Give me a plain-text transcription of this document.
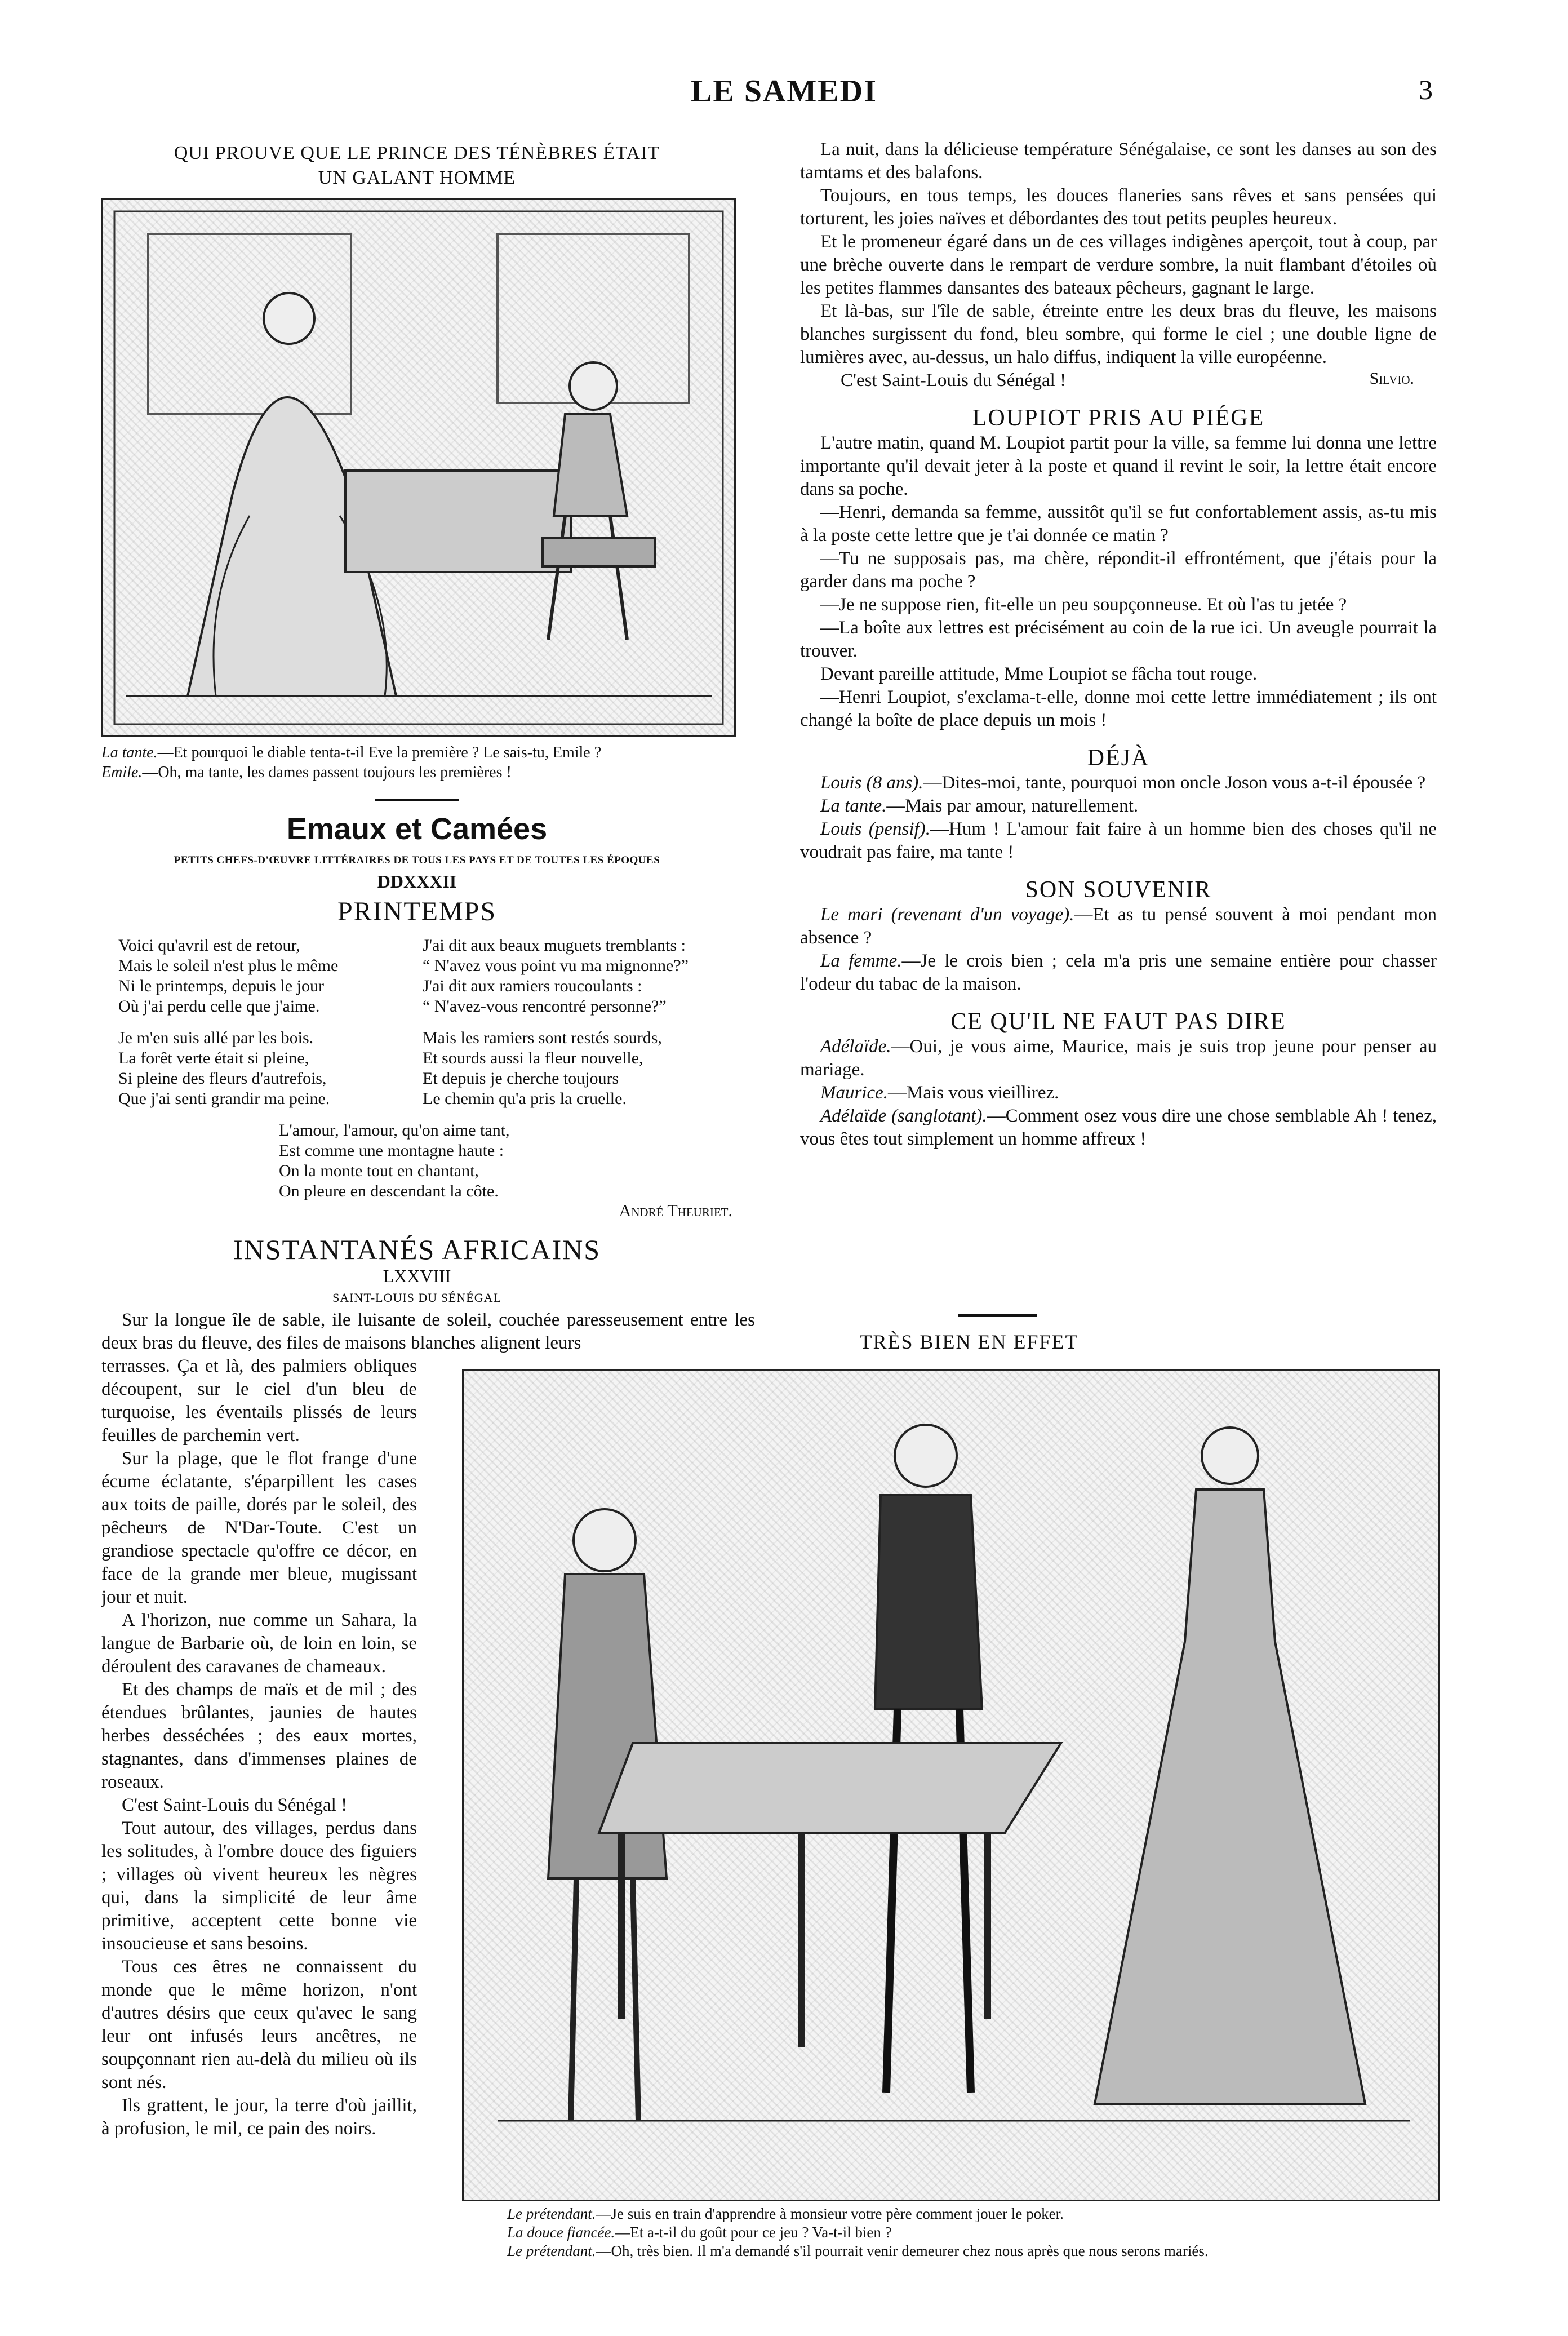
LE SAMEDI	3
QUI PROUVE QUE LE PRINCE DES TÉNÈBRES ÉTAIT
UN GALANT HOMME
La tante.—Et pourquoi le diable tenta-t-il Eve la première ? Le sais-tu, Emile ?
Emile.—Oh, ma tante, les dames passent toujours les premières !
Emaux et Camées
PETITS CHEFS-D'ŒUVRE LITTÉRAIRES DE TOUS LES PAYS ET DE TOUTES LES ÉPOQUES
DDXXXII
PRINTEMPS

Voici qu'avril est de retour,

Mais le soleil n'est plus le même

Ni le printemps, depuis le jour

Où j'ai perdu celle que j'aime.

Je m'en suis allé par les bois.

La forêt verte était si pleine,

Si pleine des fleurs d'autrefois,

Que j'ai senti grandir ma peine.

J'ai dit aux beaux muguets tremblants :

“ N'avez vous point vu ma mignonne?”

J'ai dit aux ramiers roucoulants :

“ N'avez-vous rencontré personne?”

Mais les ramiers sont restés sourds,

Et sourds aussi la fleur nouvelle,

Et depuis je cherche toujours

Le chemin qu'a pris la cruelle.

L'amour, l'amour, qu'on aime tant,

Est comme une montagne haute :

On la monte tout en chantant,

On pleure en descendant la côte.

André Theuriet.
INSTANTANÉS AFRICAINS
LXXVIII
SAINT-LOUIS DU SÉNÉGAL
Sur la longue île de sable, ile luisante de soleil, couchée paresseusement entre les deux bras du fleuve, des files de maisons blanches alignent leurs

terrasses. Ça et là, des palmiers obliques découpent, sur le ciel d'un bleu de turquoise, les éventails plissés de leurs feuilles de parchemin vert.

Sur la plage, que le flot frange d'une écume éclatante, s'éparpillent les cases aux toits de paille, dorés par le soleil, des pêcheurs de N'Dar-Toute. C'est un grandiose spectacle qu'offre ce décor, en face de la grande mer bleue, mugissant jour et nuit.

A l'horizon, nue comme un Sahara, la langue de Barbarie où, de loin en loin, se déroulent des caravanes de chameaux.

Et des champs de maïs et de mil ; des étendues brûlantes, jaunies de hautes herbes desséchées ; des eaux mortes, stagnantes, dans d'immenses plaines de roseaux.

C'est Saint-Louis du Sénégal !

Tout autour, des villages, perdus dans les solitudes, à l'ombre douce des figuiers ; villages où vivent heureux les nègres qui, dans la simplicité de leur âme primitive, acceptent cette bonne vie insoucieuse et sans besoins.

Tous ces êtres ne connaissent du monde que le même horizon, n'ont d'autres désirs que ceux qu'avec le sang leur ont infusés leurs ancêtres, ne soupçonnant rien au-delà du milieu où ils sont nés.

Ils grattent, le jour, la terre d'où jaillit, à profusion, le mil, ce pain des noirs.

La nuit, dans la délicieuse température Sénégalaise, ce sont les danses au son des tamtams et des balafons.

Toujours, en tous temps, les douces flaneries sans rêves et sans pensées qui torturent, les joies naïves et débordantes des tout petits peuples heureux.

Et le promeneur égaré dans un de ces villages indigènes aperçoit, tout à coup, par une brèche ouverte dans le rempart de verdure sombre, la nuit flambant d'étoiles où les petites flammes dansantes des bateaux pêcheurs, gagnant le large.

Et là-bas, sur l'île de sable, étreinte entre les deux bras du fleuve, les maisons blanches surgissent du fond, bleu sombre, qui forme le ciel ; une double ligne de lumières avec, au-dessus, un halo diffus, indiquent la ville européenne.

C'est Saint-Louis du Sénégal !	Silvio.
LOUPIOT PRIS AU PIÉGE

L'autre matin, quand M. Loupiot partit pour la ville, sa femme lui donna une lettre importante qu'il devait jeter à la poste et quand il revint le soir, la lettre était encore dans sa poche.

—Henri, demanda sa femme, aussitôt qu'il se fut confortablement assis, as-tu mis à la poste cette lettre que je t'ai donnée ce matin ?

—Tu ne supposais pas, ma chère, répondit-il effrontément, que j'étais pour la garder dans ma poche ?

—Je ne suppose rien, fit-elle un peu soupçonneuse. Et où l'as tu jetée ?

—La boîte aux lettres est précisément au coin de la rue ici. Un aveugle pourrait la trouver.

Devant pareille attitude, Mme Loupiot se fâcha tout rouge.

—Henri Loupiot, s'exclama-t-elle, donne moi cette lettre immédiatement ; ils ont changé la boîte de place depuis un mois !

DÉJÀ

Louis (8 ans).—Dites-moi, tante, pourquoi mon oncle Joson vous a-t-il épousée ?

La tante.—Mais par amour, naturellement.

Louis (pensif).—Hum ! L'amour fait faire à un homme bien des choses qu'il ne voudrait pas faire, ma tante !

SON SOUVENIR

Le mari (revenant d'un voyage).—Et as tu pensé souvent à moi pendant mon absence ?

La femme.—Je le crois bien ; cela m'a pris une semaine entière pour chasser l'odeur du tabac de la maison.

CE QU'IL NE FAUT PAS DIRE

Adélaïde.—Oui, je vous aime, Maurice, mais je suis trop jeune pour penser au mariage.

Maurice.—Mais vous vieillirez.

Adélaïde (sanglotant).—Comment osez vous dire une chose semblable Ah ! tenez, vous êtes tout simplement un homme affreux !

TRÈS BIEN EN EFFET
Le prétendant.—Je suis en train d'apprendre à monsieur votre père comment jouer le poker.
La douce fiancée.—Et a-t-il du goût pour ce jeu ? Va-t-il bien ?
Le prétendant.—Oh, très bien. Il m'a demandé s'il pourrait venir demeurer chez nous après que nous serons mariés.
